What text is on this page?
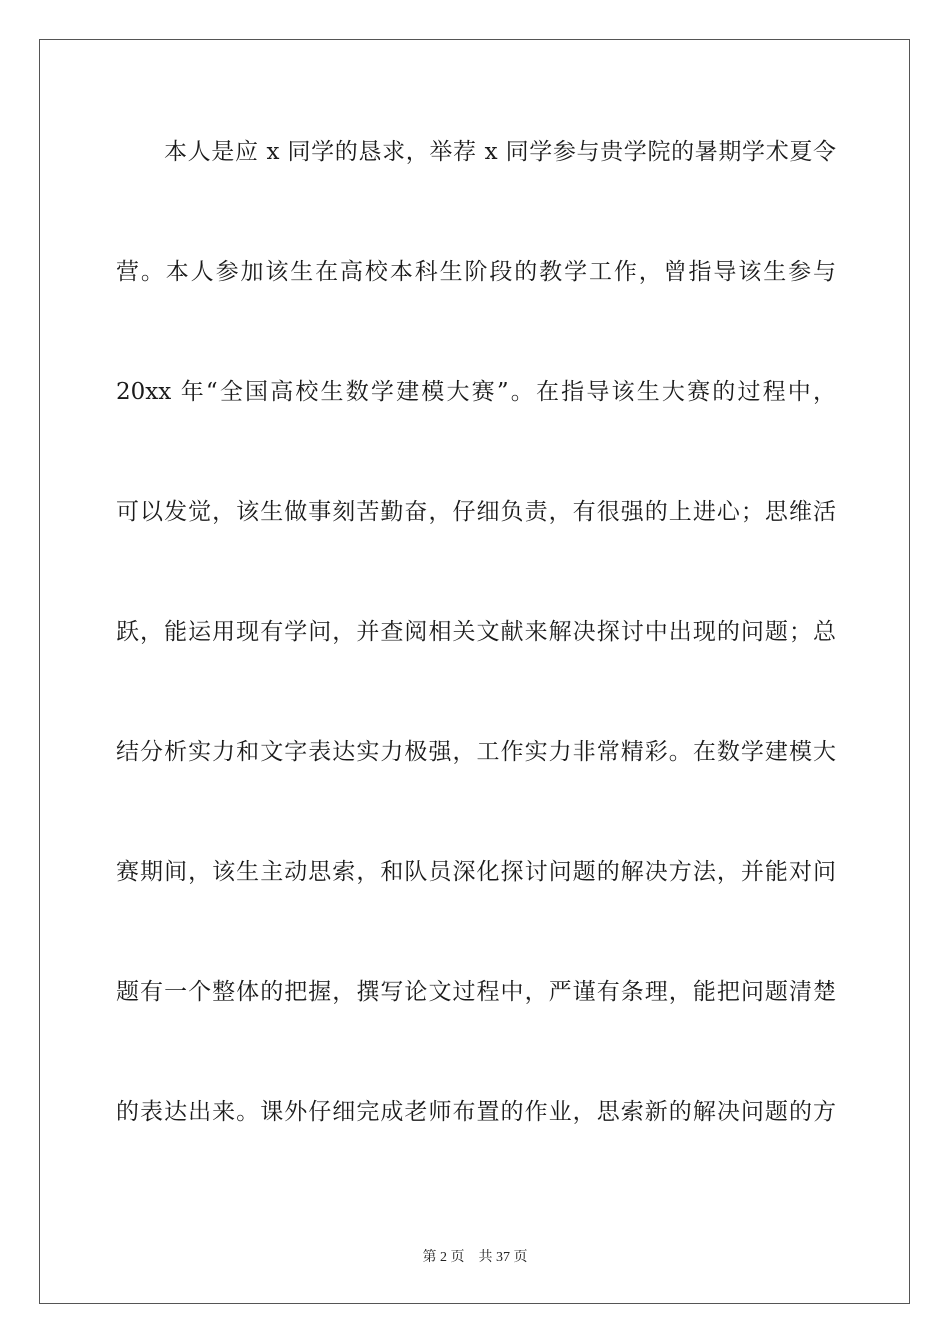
本人是应 x 同学的恳求，举荐 x 同学参与贵学院的暑期学术夏令
营。本人参加该生在高校本科生阶段的教学工作，曾指导该生参与
20xx 年“全国高校生数学建模大赛”。在指导该生大赛的过程中，
可以发觉，该生做事刻苦勤奋，仔细负责，有很强的上进心；思维活
跃，能运用现有学问，并查阅相关文献来解决探讨中出现的问题；总
结分析实力和文字表达实力极强，工作实力非常精彩。在数学建模大
赛期间，该生主动思索，和队员深化探讨问题的解决方法，并能对问
题有一个整体的把握，撰写论文过程中，严谨有条理，能把问题清楚
的表达出来。课外仔细完成老师布置的作业，思索新的解决问题的方
第 2 页 共 37 页
